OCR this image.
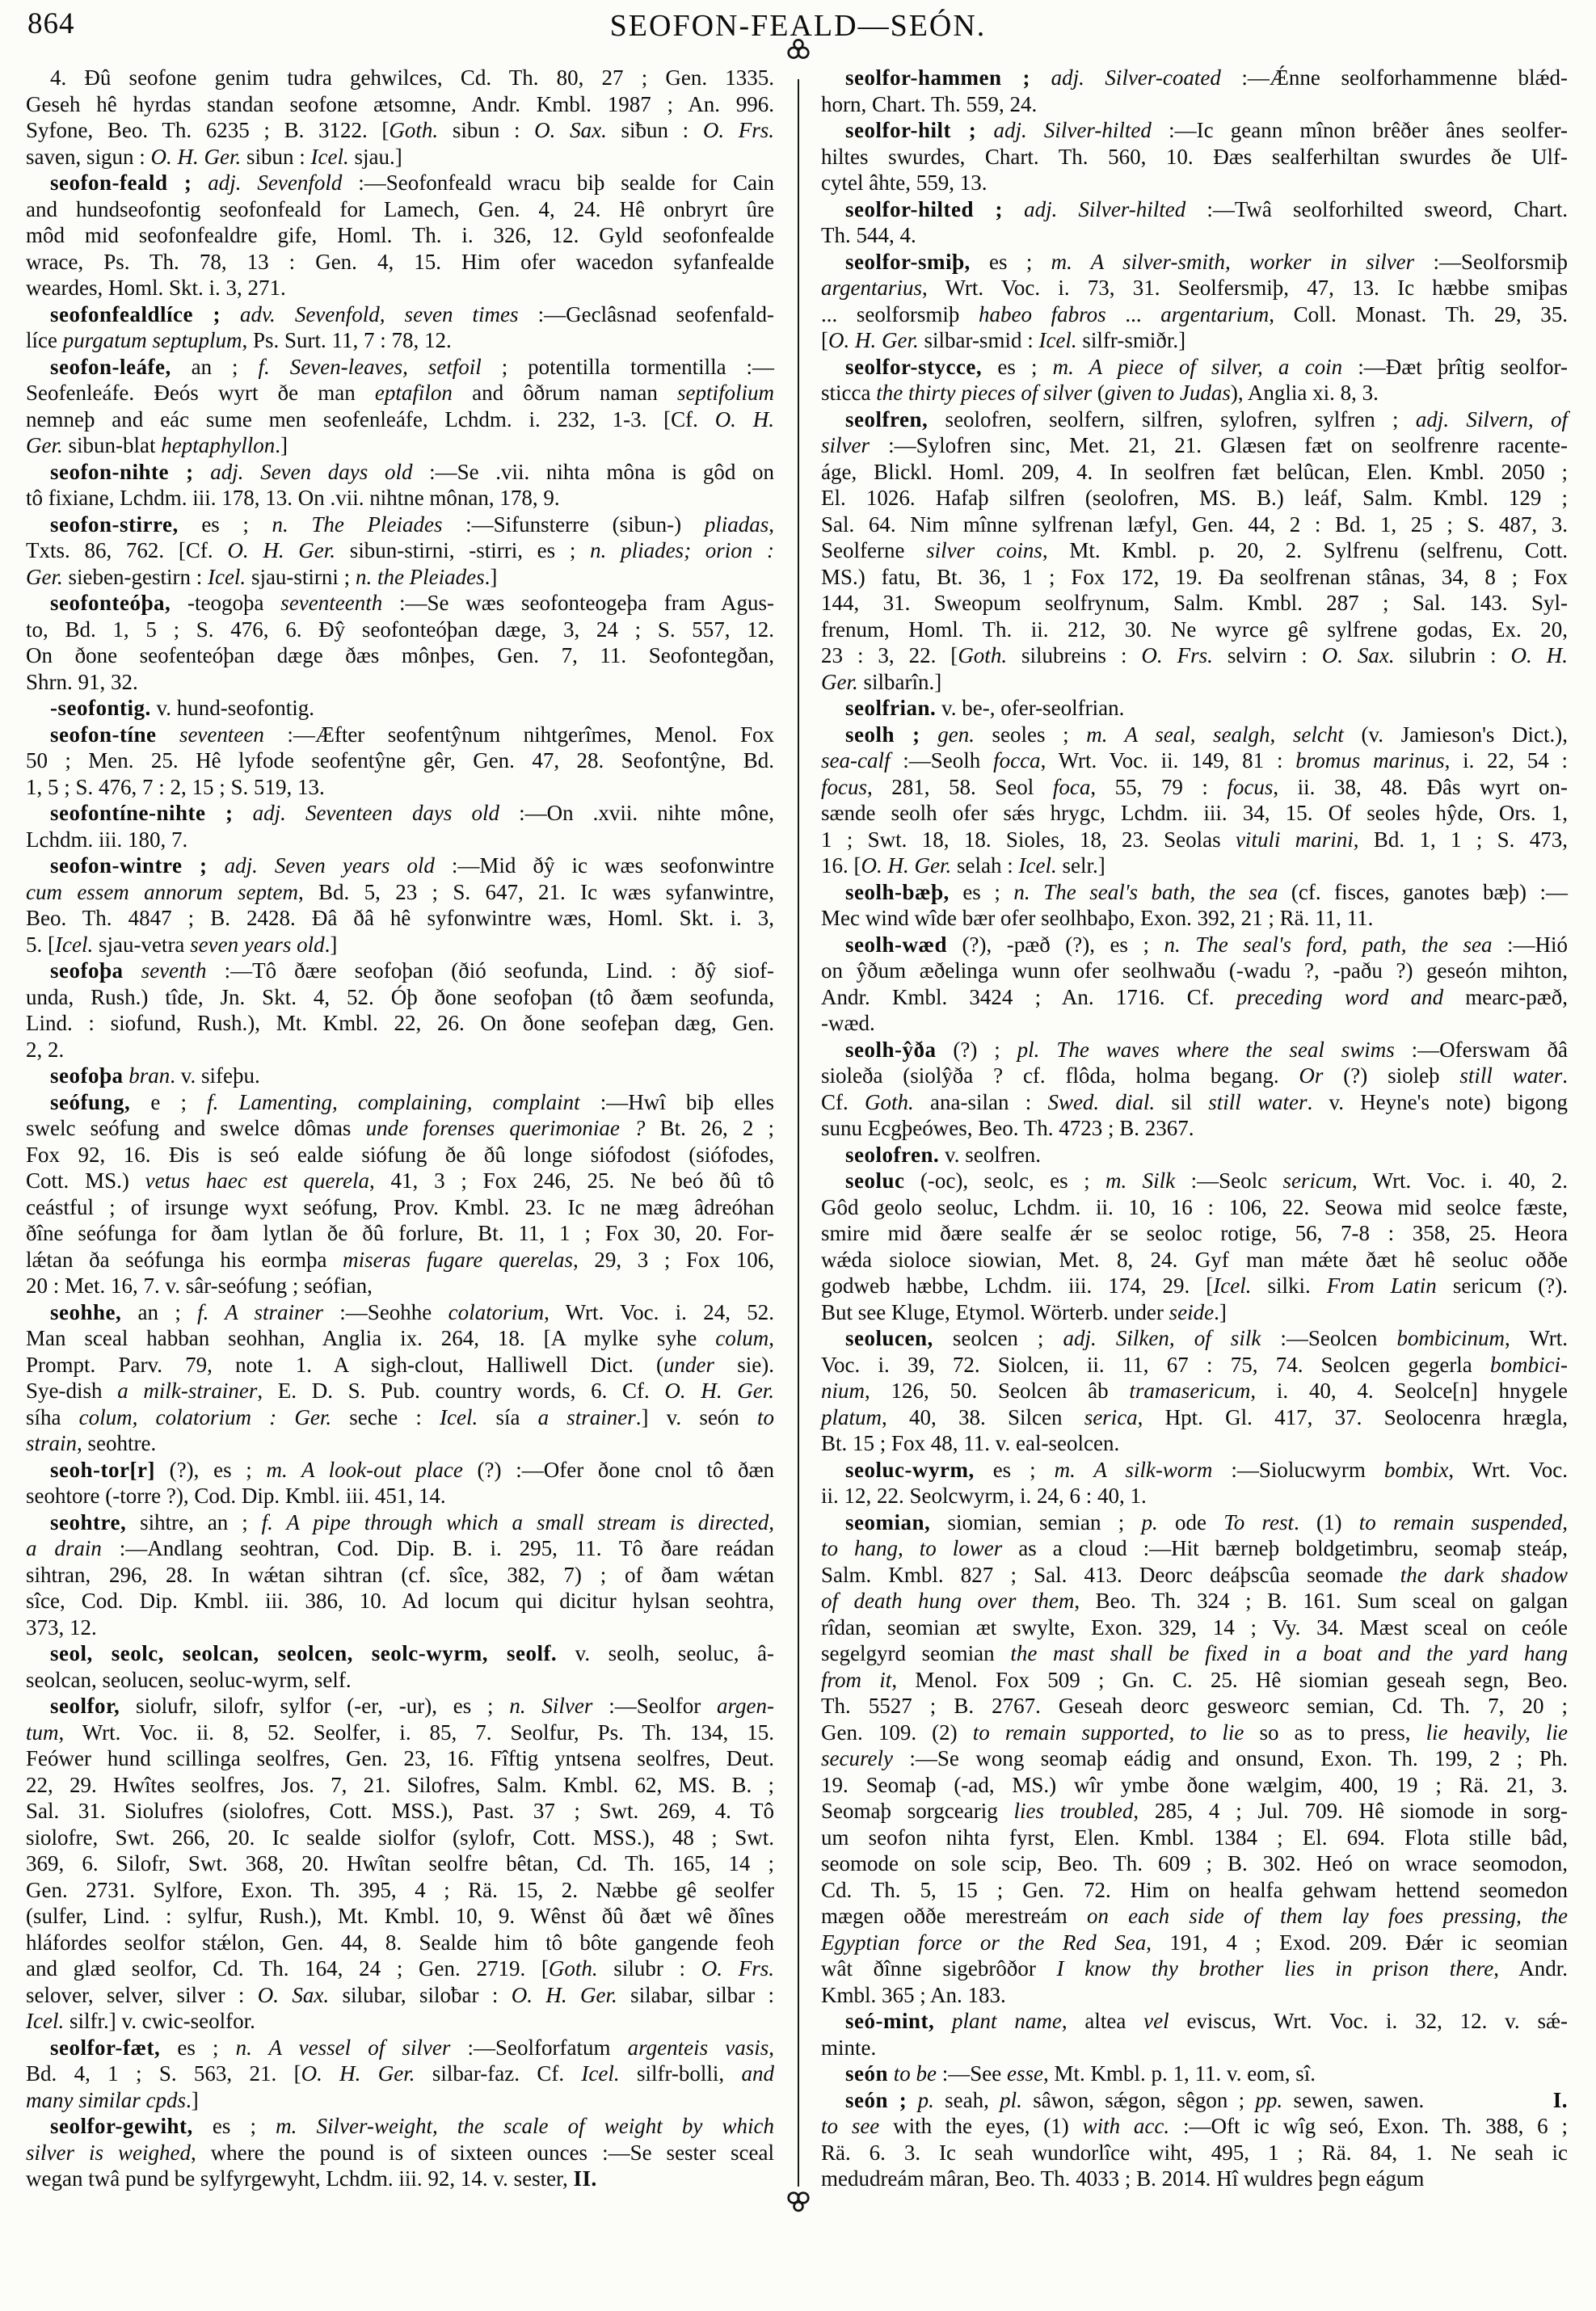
864	SEOFON-FEALD—SEÓN.
4. Ðû seofone genim tudra gehwilces, Cd. Th. 80, 27 ; Gen. 1335.
Geseh hê hyrdas standan seofone ætsomne, Andr. Kmbl. 1987 ; An. 996.
Syfone, Beo. Th. 6235 ; B. 3122. [Goth. sibun : O. Sax. siƀun : O. Frs.
saven, sigun : O. H. Ger. sibun : Icel. sjau.]
seofon-feald ; adj. Sevenfold :—Seofonfeald wracu biþ sealde for Cain
and hundseofontig seofonfeald for Lamech, Gen. 4, 24. Hê onbryrt ûre
môd mid seofonfealdre gife, Homl. Th. i. 326, 12. Gyld seofonfealde
wrace, Ps. Th. 78, 13 : Gen. 4, 15. Him ofer wacedon syfanfealde
weardes, Homl. Skt. i. 3, 271.
seofonfealdlíce ; adv. Sevenfold, seven times :—Geclâsnad seofenfald-
líce purgatum septuplum, Ps. Surt. 11, 7 : 78, 12.
seofon-leáfe, an ; f. Seven-leaves, setfoil ; potentilla tormentilla :—
Seofenleáfe. Ðeós wyrt ðe man eptafilon and ôðrum naman septifolium
nemneþ and eác sume men seofenleáfe, Lchdm. i. 232, 1-3. [Cf. O. H.
Ger. sibun-blat heptaphyllon.]
seofon-nihte ; adj. Seven days old :—Se .vii. nihta môna is gôd on
tô fixiane, Lchdm. iii. 178, 13. On .vii. nihtne mônan, 178, 9.
seofon-stirre, es ; n. The Pleiades :—Sifunsterre (sibun-) pliadas,
Txts. 86, 762. [Cf. O. H. Ger. sibun-stirni, -stirri, es ; n. pliades; orion :
Ger. sieben-gestirn : Icel. sjau-stirni ; n. the Pleiades.]
seofonteóþa, -teogoþa seventeenth :—Se wæs seofonteogeþa fram Agus-
to, Bd. 1, 5 ; S. 476, 6. Ðŷ seofonteóþan dæge, 3, 24 ; S. 557, 12.
On ðone seofenteóþan dæge ðæs mônþes, Gen. 7, 11. Seofontegðan,
Shrn. 91, 32.
-seofontig. v. hund-seofontig.
seofon-tíne seventeen :—Æfter seofentŷnum nihtgerîmes, Menol. Fox
50 ; Men. 25. Hê lyfode seofentŷne gêr, Gen. 47, 28. Seofontŷne, Bd.
1, 5 ; S. 476, 7 : 2, 15 ; S. 519, 13.
seofontíne-nihte ; adj. Seventeen days old :—On .xvii. nihte mône,
Lchdm. iii. 180, 7.
seofon-wintre ; adj. Seven years old :—Mid ðŷ ic wæs seofonwintre
cum essem annorum septem, Bd. 5, 23 ; S. 647, 21. Ic wæs syfanwintre,
Beo. Th. 4847 ; B. 2428. Ðâ ðâ hê syfonwintre wæs, Homl. Skt. i. 3,
5. [Icel. sjau-vetra seven years old.]
seofoþa seventh :—Tô ðære seofoþan (ðió seofunda, Lind. : ðŷ siof-
unda, Rush.) tîde, Jn. Skt. 4, 52. Óþ ðone seofoþan (tô ðæm seofunda,
Lind. : siofund, Rush.), Mt. Kmbl. 22, 26. On ðone seofeþan dæg, Gen.
2, 2.
seofoþa bran. v. sifeþu.
seófung, e ; f. Lamenting, complaining, complaint :—Hwî biþ elles
swelc seófung and swelce dômas unde forenses querimoniae ? Bt. 26, 2 ;
Fox 92, 16. Ðis is seó ealde siófung ðe ðû longe siófodost (siófodes,
Cott. MS.) vetus haec est querela, 41, 3 ; Fox 246, 25. Ne beó ðû tô
ceástful ; of irsunge wyxt seófung, Prov. Kmbl. 23. Ic ne mæg âdreóhan
ðîne seófunga for ðam lytlan ðe ðû forlure, Bt. 11, 1 ; Fox 30, 20. For-
lǽtan ða seófunga his eormþa miseras fugare querelas, 29, 3 ; Fox 106,
20 : Met. 16, 7. v. sâr-seófung ; seófian,
seohhe, an ; f. A strainer :—Seohhe colatorium, Wrt. Voc. i. 24, 52.
Man sceal habban seohhan, Anglia ix. 264, 18. [A mylke syhe colum,
Prompt. Parv. 79, note 1. A sigh-clout, Halliwell Dict. (under sie).
Sye-dish a milk-strainer, E. D. S. Pub. country words, 6. Cf. O. H. Ger.
síha colum, colatorium : Ger. seche : Icel. sía a strainer.] v. seón to
strain, seohtre.
seoh-tor[r] (?), es ; m. A look-out place (?) :—Ofer ðone cnol tô ðæn
seohtore (-torre ?), Cod. Dip. Kmbl. iii. 451, 14.
seohtre, sihtre, an ; f. A pipe through which a small stream is directed,
a drain :—Andlang seohtran, Cod. Dip. B. i. 295, 11. Tô ðare reádan
sihtran, 296, 28. In wǽtan sihtran (cf. sîce, 382, 7) ; of ðam wǽtan
sîce, Cod. Dip. Kmbl. iii. 386, 10. Ad locum qui dicitur hylsan seohtra,
373, 12.
seol, seolc, seolcan, seolcen, seolc-wyrm, seolf. v. seolh, seoluc, â-
seolcan, seolucen, seoluc-wyrm, self.
seolfor, siolufr, silofr, sylfor (-er, -ur), es ; n. Silver :—Seolfor argen-
tum, Wrt. Voc. ii. 8, 52. Seolfer, i. 85, 7. Seolfur, Ps. Th. 134, 15.
Feówer hund scillinga seolfres, Gen. 23, 16. Fîftig yntsena seolfres, Deut.
22, 29. Hwîtes seolfres, Jos. 7, 21. Silofres, Salm. Kmbl. 62, MS. B. ;
Sal. 31. Siolufres (siolofres, Cott. MSS.), Past. 37 ; Swt. 269, 4. Tô
siolofre, Swt. 266, 20. Ic sealde siolfor (sylofr, Cott. MSS.), 48 ; Swt.
369, 6. Silofr, Swt. 368, 20. Hwîtan seolfre bêtan, Cd. Th. 165, 14 ;
Gen. 2731. Sylfore, Exon. Th. 395, 4 ; Rä. 15, 2. Næbbe gê seolfer
(sulfer, Lind. : sylfur, Rush.), Mt. Kmbl. 10, 9. Wênst ðû ðæt wê ðînes
hláfordes seolfor stǽlon, Gen. 44, 8. Sealde him tô bôte gangende feoh
and glæd seolfor, Cd. Th. 164, 24 ; Gen. 2719. [Goth. silubr : O. Frs.
selover, selver, silver : O. Sax. silubar, siloƀar : O. H. Ger. silabar, silbar :
Icel. silfr.] v. cwic-seolfor.
seolfor-fæt, es ; n. A vessel of silver :—Seolforfatum argenteis vasis,
Bd. 4, 1 ; S. 563, 21. [O. H. Ger. silbar-faz. Cf. Icel. silfr-bolli, and
many similar cpds.]
seolfor-gewiht, es ; m. Silver-weight, the scale of weight by which
silver is weighed, where the pound is of sixteen ounces :—Se sester sceal
wegan twâ pund be sylfyrgewyht, Lchdm. iii. 92, 14. v. sester, II.
seolfor-hammen ; adj. Silver-coated :—Ǽnne seolforhammenne blǽd-
horn, Chart. Th. 559, 24.
seolfor-hilt ; adj. Silver-hilted :—Ic geann mînon brêðer ânes seolfer-
hiltes swurdes, Chart. Th. 560, 10. Ðæs sealferhiltan swurdes ðe Ulf-
cytel âhte, 559, 13.
seolfor-hilted ; adj. Silver-hilted :—Twâ seolforhilted sweord, Chart.
Th. 544, 4.
seolfor-smiþ, es ; m. A silver-smith, worker in silver :—Seolforsmiþ
argentarius, Wrt. Voc. i. 73, 31. Seolfersmiþ, 47, 13. Ic hæbbe smiþas
... seolforsmiþ habeo fabros ... argentarium, Coll. Monast. Th. 29, 35.
[O. H. Ger. silbar-smid : Icel. silfr-smiðr.]
seolfor-stycce, es ; m. A piece of silver, a coin :—Ðæt þrîtig seolfor-
sticca the thirty pieces of silver (given to Judas), Anglia xi. 8, 3.
seolfren, seolofren, seolfern, silfren, sylofren, sylfren ; adj. Silvern, of
silver :—Sylofren sinc, Met. 21, 21. Glæsen fæt on seolfrenre racente-
áge, Blickl. Homl. 209, 4. In seolfren fæt belûcan, Elen. Kmbl. 2050 ;
El. 1026. Hafaþ silfren (seolofren, MS. B.) leáf, Salm. Kmbl. 129 ;
Sal. 64. Nim mînne sylfrenan læfyl, Gen. 44, 2 : Bd. 1, 25 ; S. 487, 3.
Seolferne silver coins, Mt. Kmbl. p. 20, 2. Sylfrenu (selfrenu, Cott.
MS.) fatu, Bt. 36, 1 ; Fox 172, 19. Ða seolfrenan stânas, 34, 8 ; Fox
144, 31. Sweopum seolfrynum, Salm. Kmbl. 287 ; Sal. 143. Syl-
frenum, Homl. Th. ii. 212, 30. Ne wyrce gê sylfrene godas, Ex. 20,
23 : 3, 22. [Goth. silubreins : O. Frs. selvirn : O. Sax. silubrin : O. H.
Ger. silbarîn.]
seolfrian. v. be-, ofer-seolfrian.
seolh ; gen. seoles ; m. A seal, sealgh, selcht (v. Jamieson's Dict.),
sea-calf :—Seolh focca, Wrt. Voc. ii. 149, 81 : bromus marinus, i. 22, 54 :
focus, 281, 58. Seol foca, 55, 79 : focus, ii. 38, 48. Ðâs wyrt on-
sænde seolh ofer sǽs hrygc, Lchdm. iii. 34, 15. Of seoles hŷde, Ors. 1,
1 ; Swt. 18, 18. Sioles, 18, 23. Seolas vituli marini, Bd. 1, 1 ; S. 473,
16. [O. H. Ger. selah : Icel. selr.]
seolh-bæþ, es ; n. The seal's bath, the sea (cf. fisces, ganotes bæþ) :—
Mec wind wîde bær ofer seolhbaþo, Exon. 392, 21 ; Rä. 11, 11.
seolh-wæd (?), -pæð (?), es ; n. The seal's ford, path, the sea :—Hió
on ŷðum æðelinga wunn ofer seolhwaðu (-wadu ?, -paðu ?) geseón mihton,
Andr. Kmbl. 3424 ; An. 1716. Cf. preceding word and mearc-pæð,
-wæd.
seolh-ŷða (?) ; pl. The waves where the seal swims :—Oferswam ðâ
sioleða (siolŷða ? cf. flôda, holma begang. Or (?) sioleþ still water.
Cf. Goth. ana-silan : Swed. dial. sil still water. v. Heyne's note) bigong
sunu Ecgþeówes, Beo. Th. 4723 ; B. 2367.
seolofren. v. seolfren.
seoluc (-oc), seolc, es ; m. Silk :—Seolc sericum, Wrt. Voc. i. 40, 2.
Gôd geolo seoluc, Lchdm. ii. 10, 16 : 106, 22. Seowa mid seolce fæste,
smire mid ðære sealfe ǽr se seoloc rotige, 56, 7-8 : 358, 25. Heora
wǽda sioloce siowian, Met. 8, 24. Gyf man mǽte ðæt hê seoluc oððe
godweb hæbbe, Lchdm. iii. 174, 29. [Icel. silki. From Latin sericum (?).
But see Kluge, Etymol. Wörterb. under seide.]
seolucen, seolcen ; adj. Silken, of silk :—Seolcen bombicinum, Wrt.
Voc. i. 39, 72. Siolcen, ii. 11, 67 : 75, 74. Seolcen gegerla bombici-
nium, 126, 50. Seolcen âb tramasericum, i. 40, 4. Seolce[n] hnygele
platum, 40, 38. Silcen serica, Hpt. Gl. 417, 37. Seolocenra hrægla,
Bt. 15 ; Fox 48, 11. v. eal-seolcen.
seoluc-wyrm, es ; m. A silk-worm :—Siolucwyrm bombix, Wrt. Voc.
ii. 12, 22. Seolcwyrm, i. 24, 6 : 40, 1.
seomian, siomian, semian ; p. ode To rest. (1) to remain suspended,
to hang, to lower as a cloud :—Hit bærneþ boldgetimbru, seomaþ steáp,
Salm. Kmbl. 827 ; Sal. 413. Deorc deáþscûa seomade the dark shadow
of death hung over them, Beo. Th. 324 ; B. 161. Sum sceal on galgan
rîdan, seomian æt swylte, Exon. 329, 14 ; Vy. 34. Mæst sceal on ceóle
segelgyrd seomian the mast shall be fixed in a boat and the yard hang
from it, Menol. Fox 509 ; Gn. C. 25. Hê siomian geseah segn, Beo.
Th. 5527 ; B. 2767. Geseah deorc gesweorc semian, Cd. Th. 7, 20 ;
Gen. 109. (2) to remain supported, to lie so as to press, lie heavily, lie
securely :—Se wong seomaþ eádig and onsund, Exon. Th. 199, 2 ; Ph.
19. Seomaþ (-ad, MS.) wîr ymbe ðone wælgim, 400, 19 ; Rä. 21, 3.
Seomaþ sorgcearig lies troubled, 285, 4 ; Jul. 709. Hê siomode in sorg-
um seofon nihta fyrst, Elen. Kmbl. 1384 ; El. 694. Flota stille bâd,
seomode on sole scip, Beo. Th. 609 ; B. 302. Heó on wrace seomodon,
Cd. Th. 5, 15 ; Gen. 72. Him on healfa gehwam hettend seomedon
mægen oððe merestreám on each side of them lay foes pressing, the
Egyptian force or the Red Sea, 191, 4 ; Exod. 209. Ðǽr ic seomian
wât ðînne sigebrôðor I know thy brother lies in prison there, Andr.
Kmbl. 365 ; An. 183.
seó-mint, plant name, altea vel eviscus, Wrt. Voc. i. 32, 12. v. sǽ-
minte.
seón to be :—See esse, Mt. Kmbl. p. 1, 11. v. eom, sî.
seón ; p. seah, pl. sâwon, sǽgon, sêgon ; pp. sewen, sawen.            I.
to see with the eyes, (1) with acc. :—Oft ic wîg seó, Exon. Th. 388, 6 ;
Rä. 6. 3. Ic seah wundorlîce wiht, 495, 1 ; Rä. 84, 1. Ne seah ic
medudreám mâran, Beo. Th. 4033 ; B. 2014. Hî wuldres þegn eágum
